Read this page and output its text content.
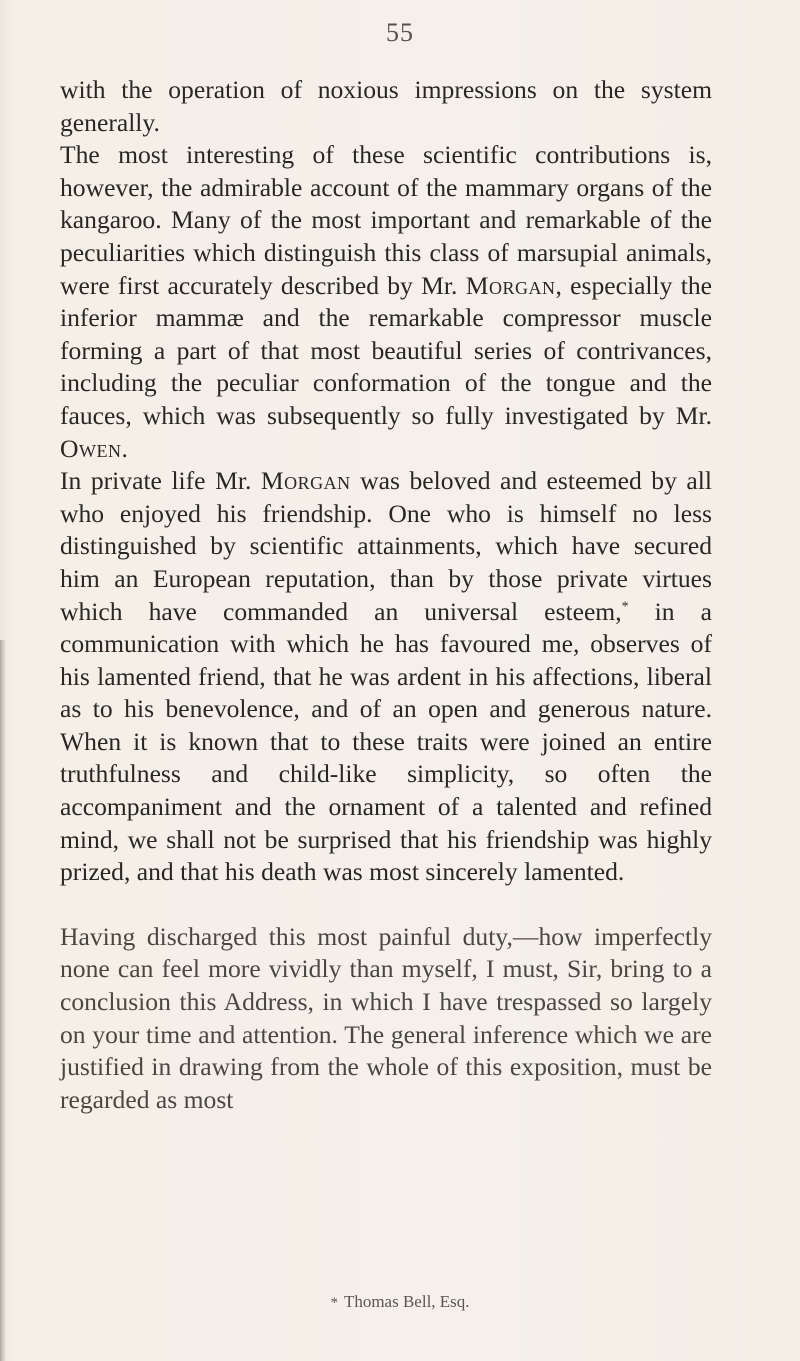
55

with the operation of noxious impressions on the system generally.

The most interesting of these scientific contributions is, however, the admirable account of the mammary organs of the kangaroo. Many of the most important and remarkable of the peculiarities which distinguish this class of marsupial animals, were first accurately described by Mr. Morgan, especially the inferior mammæ and the remarkable compressor muscle forming a part of that most beautiful series of contrivances, including the peculiar conformation of the tongue and the fauces, which was subsequently so fully investigated by Mr. Owen.

In private life Mr. Morgan was beloved and esteemed by all who enjoyed his friendship. One who is himself no less distinguished by scientific attainments, which have secured him an European reputation, than by those private virtues which have commanded an universal esteem,* in a communication with which he has favoured me, observes of his lamented friend, that he was ardent in his affections, liberal as to his benevolence, and of an open and generous nature. When it is known that to these traits were joined an entire truthfulness and child-like simplicity, so often the accompaniment and the ornament of a talented and refined mind, we shall not be surprised that his friendship was highly prized, and that his death was most sincerely lamented.

Having discharged this most painful duty,—how imperfectly none can feel more vividly than myself, I must, Sir, bring to a conclusion this Address, in which I have trespassed so largely on your time and attention. The general inference which we are justified in drawing from the whole of this exposition, must be regarded as most

* Thomas Bell, Esq.
